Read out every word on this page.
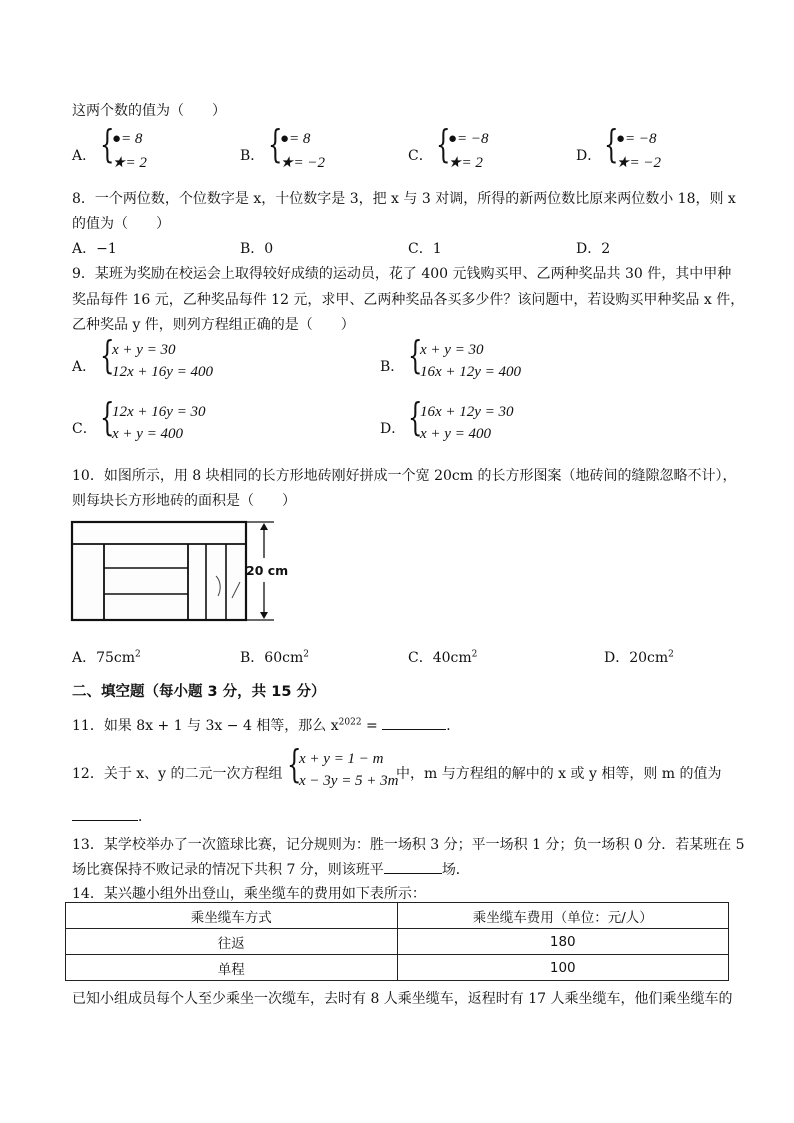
这两个数的值为（　　）
A． {
●= 8
★= 2	B． {
●= 8
★= −2	C． {
●= −8
★= 2	D． {
●= −8
★= −2
8．一个两位数，个位数字是 x，十位数字是 3，把 x 与 3 对调，所得的新两位数比原来两位数小 18，则 x
的值为（　　）
A．−1	B．0	C．1	D．2
9．某班为奖励在校运会上取得较好成绩的运动员，花了 400 元钱购买甲、乙两种奖品共 30 件，其中甲种
奖品每件 16 元，乙种奖品每件 12 元，求甲、乙两种奖品各买多少件？该问题中，若设购买甲种奖品 x 件，
乙种奖品 y 件，则列方程组正确的是（　　）
A． {
x + y = 30
12x + 16y = 400	B． {
x + y = 30
16x + 12y = 400
C． {
12x + 16y = 30
x + y = 400	D． {
16x + 12y = 30
x + y = 400
10．如图所示，用 8 块相同的长方形地砖刚好拼成一个宽 20cm 的长方形图案（地砖间的缝隙忽略不计），
则每块长方形地砖的面积是（　　）
20 cm
A．$75cm^2$	B．$60cm^2$	C．$40cm^2$	D．$20cm^2$
二、填空题（每小题 3 分，共 15 分）
11．如果 8x + 1 与 3x − 4 相等，那么 $x^{2022}$ =	．
12．关于 x、y 的二元一次方程组 {
x + y = 1 − m
x − 3y = 5 + 3m
中，m 与方程组的解中的 x 或 y 相等，则 m 的值为
．
13．某学校举办了一次篮球比赛，记分规则为：胜一场积 3 分；平一场积 1 分；负一场积 0 分．若某班在 5
场比赛保持不败记录的情况下共积 7 分，则该班平	场．
14．某兴趣小组外出登山，乘坐缆车的费用如下表所示：
乘坐缆车方式	乘坐缆车费用（单位：元/人）
往返	180
单程	100
已知小组成员每个人至少乘坐一次缆车，去时有 8 人乘坐缆车，返程时有 17 人乘坐缆车，他们乘坐缆车的
